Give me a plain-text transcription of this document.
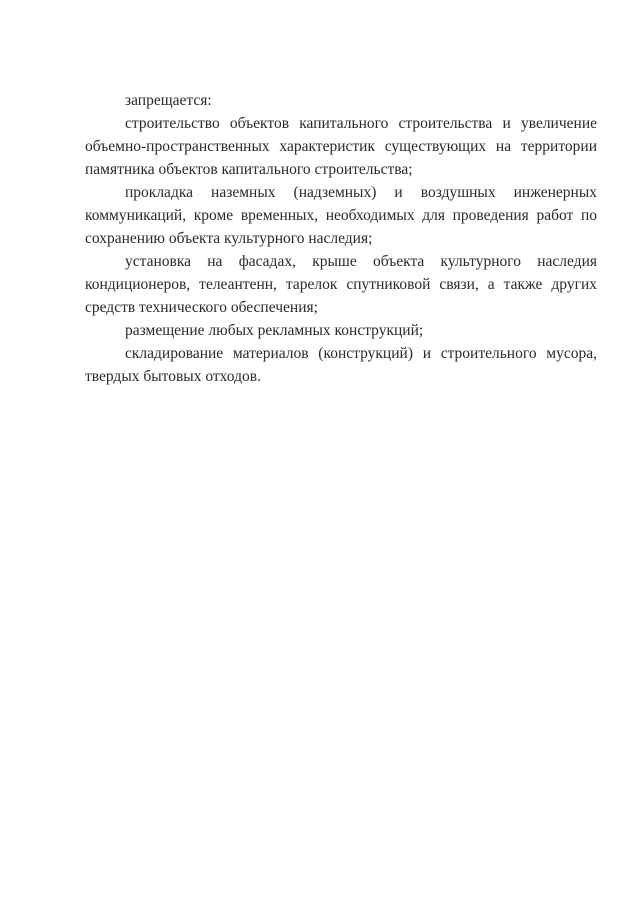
запрещается:

строительство объектов капитального строительства и увеличение объемно-пространственных характеристик существующих на территории памятника объектов капитального строительства;

прокладка наземных (надземных) и воздушных инженерных коммуникаций, кроме временных, необходимых для проведения работ по сохранению объекта культурного наследия;

установка на фасадах, крыше объекта культурного наследия кондиционеров, телеантенн, тарелок спутниковой связи, а также других средств технического обеспечения;

размещение любых рекламных конструкций;

складирование материалов (конструкций) и строительного мусора, твердых бытовых отходов.
